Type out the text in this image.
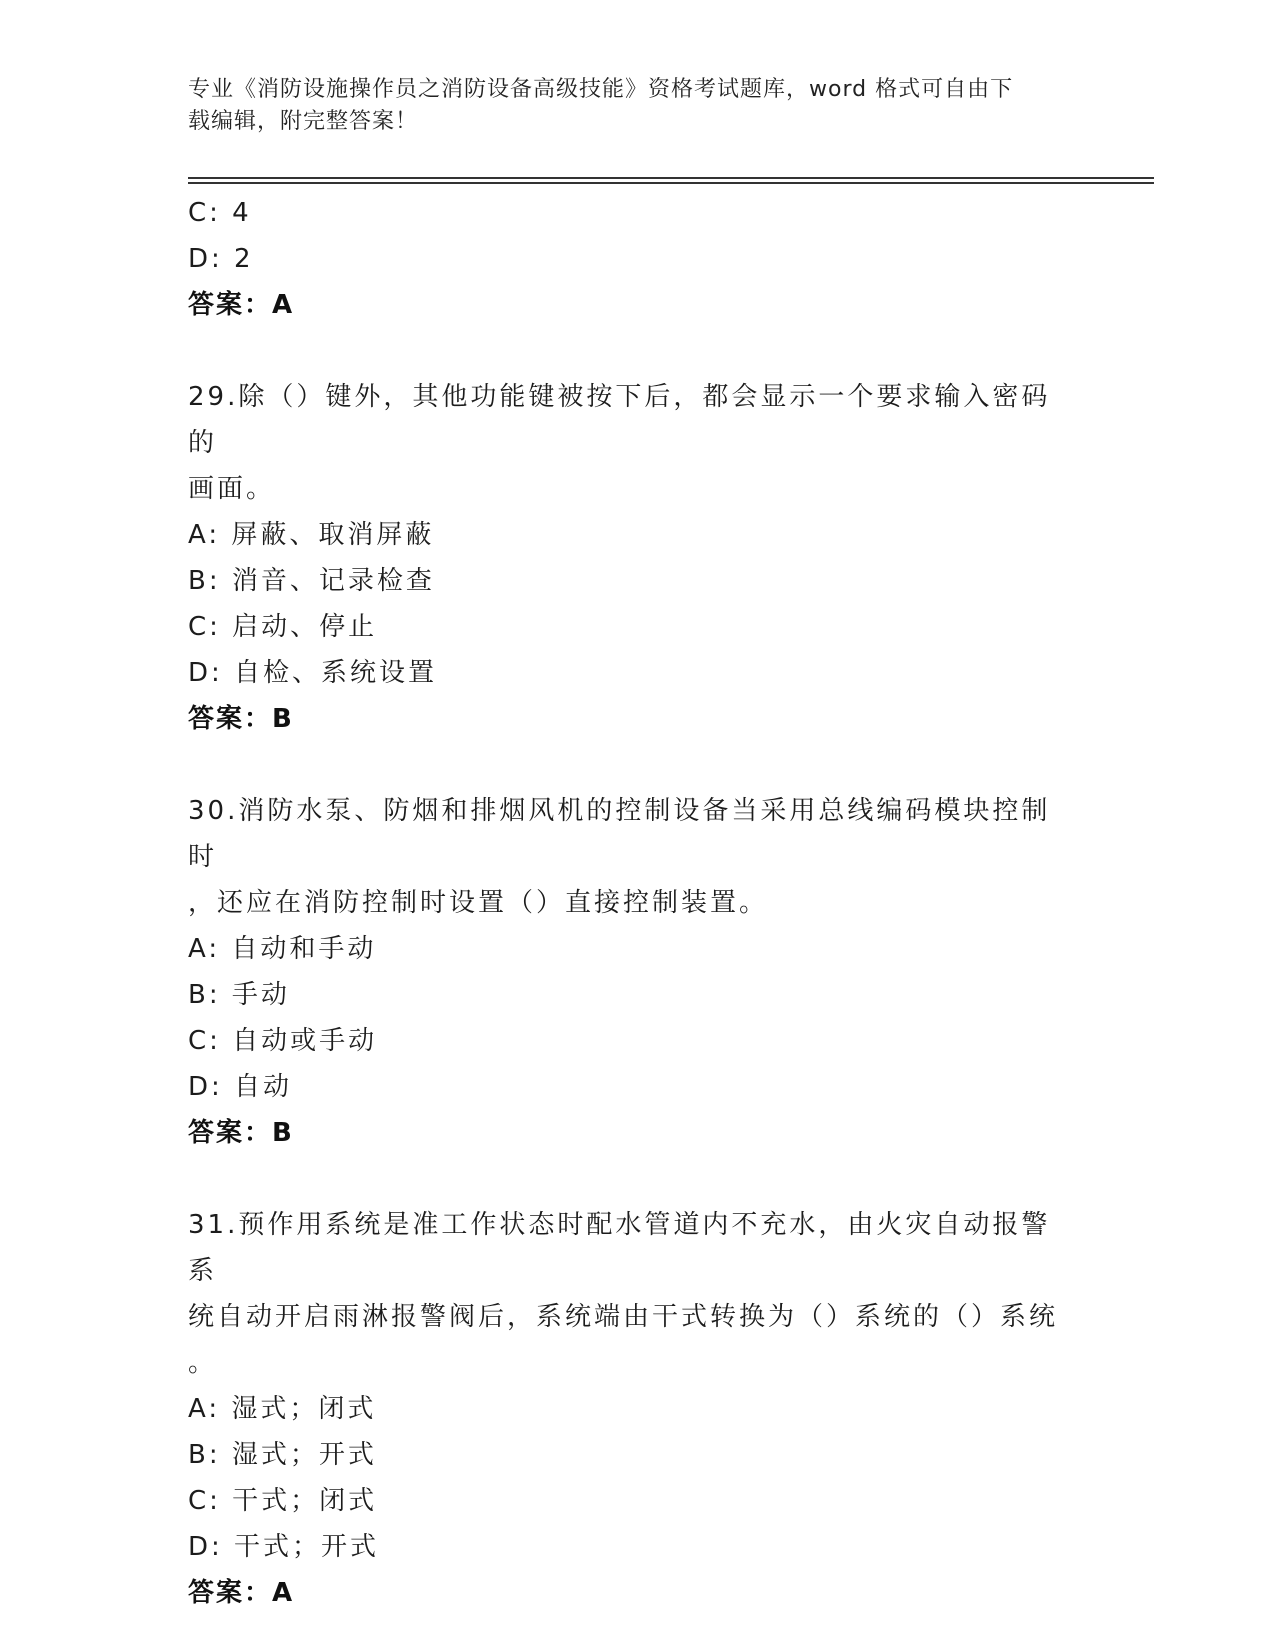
专业《消防设施操作员之消防设备高级技能》资格考试题库，word 格式可自由下
载编辑，附完整答案！
C: 4
D: 2
答案：A
29.除（）键外，其他功能键被按下后，都会显示一个要求输入密码的
画面。
A: 屏蔽、取消屏蔽
B: 消音、记录检查
C: 启动、停止
D: 自检、系统设置
答案：B
30.消防水泵、防烟和排烟风机的控制设备当采用总线编码模块控制时
，还应在消防控制时设置（）直接控制装置。
A: 自动和手动
B: 手动
C: 自动或手动
D: 自动
答案：B
31.预作用系统是准工作状态时配水管道内不充水，由火灾自动报警系
统自动开启雨淋报警阀后，系统端由干式转换为（）系统的（）系统
。
A: 湿式；闭式
B: 湿式；开式
C: 干式；闭式
D: 干式；开式
答案：A
